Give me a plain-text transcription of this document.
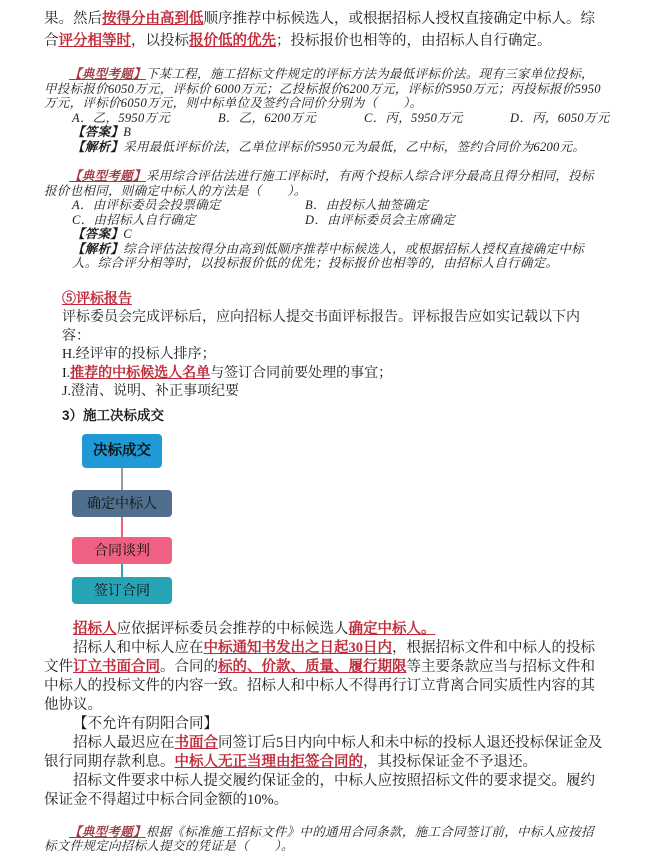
果。然后按得分由高到低顺序推荐中标候选人，或根据招标人授权直接确定中标人。综合评分相等时，以投标报价低的优先；投标报价也相等的，由招标人自行确定。

【典型考题】下某工程，施工招标文件规定的评标方法为最低评标价法。现有三家单位投标，甲投标报价6050万元，评标价 6000万元；乙投标报价6200万元，评标价5950万元；丙投标报价5950万元，评标价6050万元，则中标单位及签约合同价分别为（　　）。

A．乙，5950万元	B．乙，6200万元	C．丙，5950万元	D．丙，6050万元

【答案】B

【解析】采用最低评标价法，乙单位评标价5950元为最低，乙中标，签约合同价为6200元。

【典型考题】采用综合评估法进行施工评标时，有两个投标人综合评分最高且得分相同，投标报价也相同，则确定中标人的方法是（　　）。

A．由评标委员会投票确定	B．由投标人抽签确定
C．由招标人自行确定	D．由评标委员会主席确定

【答案】C

【解析】综合评估法按得分由高到低顺序推荐中标候选人，或根据招标人授权直接确定中标人。综合评分相等时，以投标报价低的优先；投标报价也相等的，由招标人自行确定。

⑤评标报告

评标委员会完成评标后，应向招标人提交书面评标报告。评标报告应如实记载以下内容：

H.经评审的投标人排序；

I.推荐的中标候选人名单与签订合同前要处理的事宜；

J.澄清、说明、补正事项纪要

3）施工决标成交

决标成交
确定中标人
合同谈判
签订合同

招标人应依据评标委员会推荐的中标候选人确定中标人。

招标人和中标人应在中标通知书发出之日起30日内，根据招标文件和中标人的投标文件订立书面合同。合同的标的、价款、质量、履行期限等主要条款应当与招标文件和中标人的投标文件的内容一致。招标人和中标人不得再行订立背离合同实质性内容的其他协议。

【不允许有阴阳合同】

招标人最迟应在书面合同签订后5日内向中标人和未中标的投标人退还投标保证金及银行同期存款利息。中标人无正当理由拒签合同的，其投标保证金不予退还。

招标文件要求中标人提交履约保证金的，中标人应按照招标文件的要求提交。履约保证金不得超过中标合同金额的10%。

【典型考题】根据《标准施工招标文件》中的通用合同条款，施工合同签订前，中标人应按招标文件规定向招标人提交的凭证是（　　）。
